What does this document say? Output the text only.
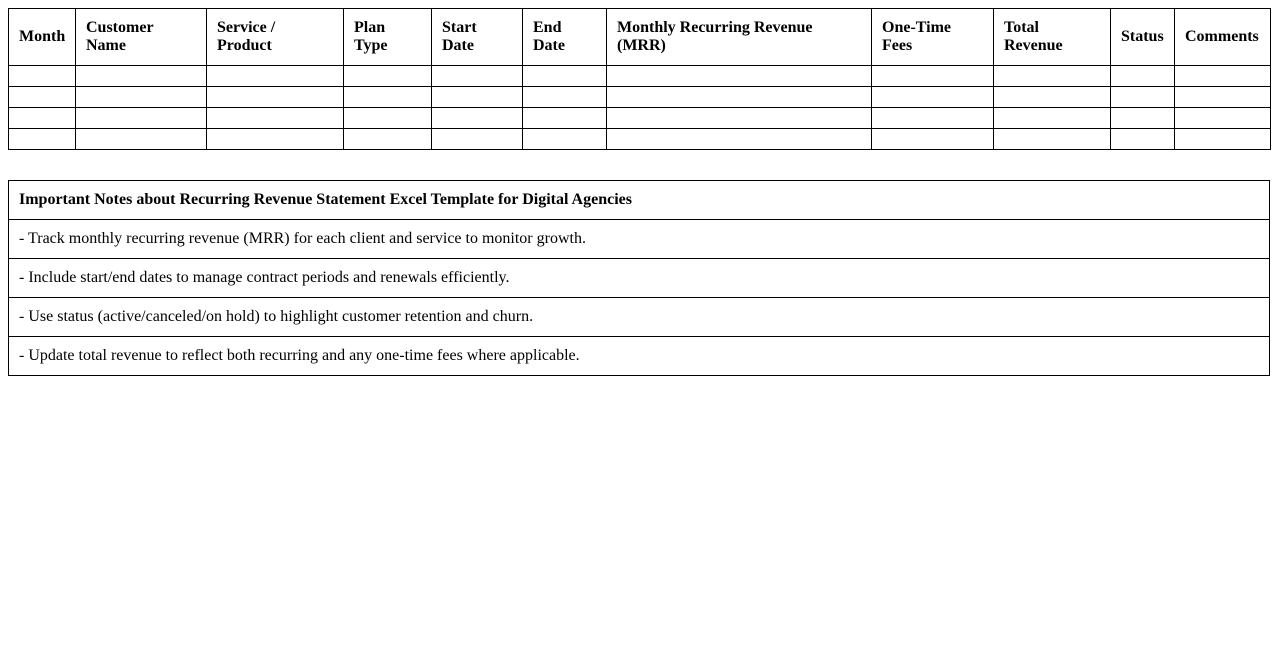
Month	Customer Name	Service / Product	Plan Type	Start Date	End Date	Monthly Recurring Revenue (MRR)	One-Time Fees	Total Revenue	Status	Comments

Important Notes about Recurring Revenue Statement Excel Template for Digital Agencies
- Track monthly recurring revenue (MRR) for each client and service to monitor growth.
- Include start/end dates to manage contract periods and renewals efficiently.
- Use status (active/canceled/on hold) to highlight customer retention and churn.
- Update total revenue to reflect both recurring and any one-time fees where applicable.
